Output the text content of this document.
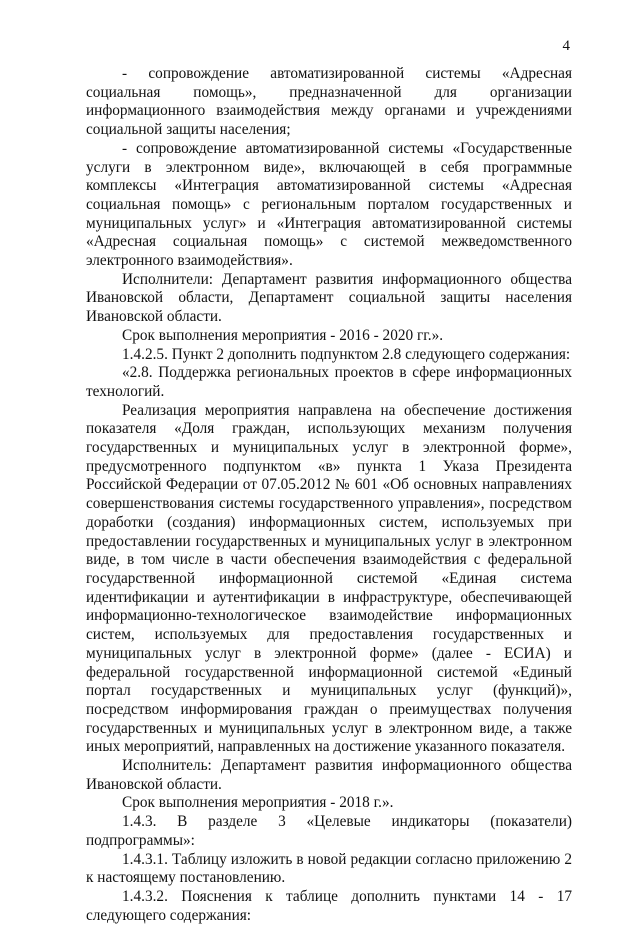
4

- сопровождение автоматизированной системы «Адресная социальная помощь», предназначенной для организации информационного взаимодействия между органами и учреждениями социальной защиты населения;

- сопровождение автоматизированной системы «Государственные услуги в электронном виде», включающей в себя программные комплексы «Интеграция автоматизированной системы «Адресная социальная помощь» с региональным порталом государственных и муниципальных услуг» и «Интеграция автоматизированной системы «Адресная социальная помощь» с системой межведомственного электронного взаимодействия».

Исполнители: Департамент развития информационного общества Ивановской области, Департамент социальной защиты населения Ивановской области.

Срок выполнения мероприятия - 2016 - 2020 гг.».

1.4.2.5. Пункт 2 дополнить подпунктом 2.8 следующего содержания:

«2.8. Поддержка региональных проектов в сфере информационных технологий.

Реализация мероприятия направлена на обеспечение достижения показателя «Доля граждан, использующих механизм получения государственных и муниципальных услуг в электронной форме», предусмотренного подпунктом «в» пункта 1 Указа Президента Российской Федерации от 07.05.2012 № 601 «Об основных направлениях совершенствования системы государственного управления», посредством доработки (создания) информационных систем, используемых при предоставлении государственных и муниципальных услуг в электронном виде, в том числе в части обеспечения взаимодействия с федеральной государственной информационной системой «Единая система идентификации и аутентификации в инфраструктуре, обеспечивающей информационно-технологическое взаимодействие информационных систем, используемых для предоставления государственных и муниципальных услуг в электронной форме» (далее - ЕСИА) и федеральной государственной информационной системой «Единый портал государственных и муниципальных услуг (функций)», посредством информирования граждан о преимуществах получения государственных и муниципальных услуг в электронном виде, а также иных мероприятий, направленных на достижение указанного показателя.

Исполнитель: Департамент развития информационного общества Ивановской области.

Срок выполнения мероприятия - 2018 г.».

1.4.3. В разделе 3 «Целевые индикаторы (показатели) подпрограммы»:

1.4.3.1. Таблицу изложить в новой редакции согласно приложению 2 к настоящему постановлению.

1.4.3.2. Пояснения к таблице дополнить пунктами 14 - 17 следующего содержания:
